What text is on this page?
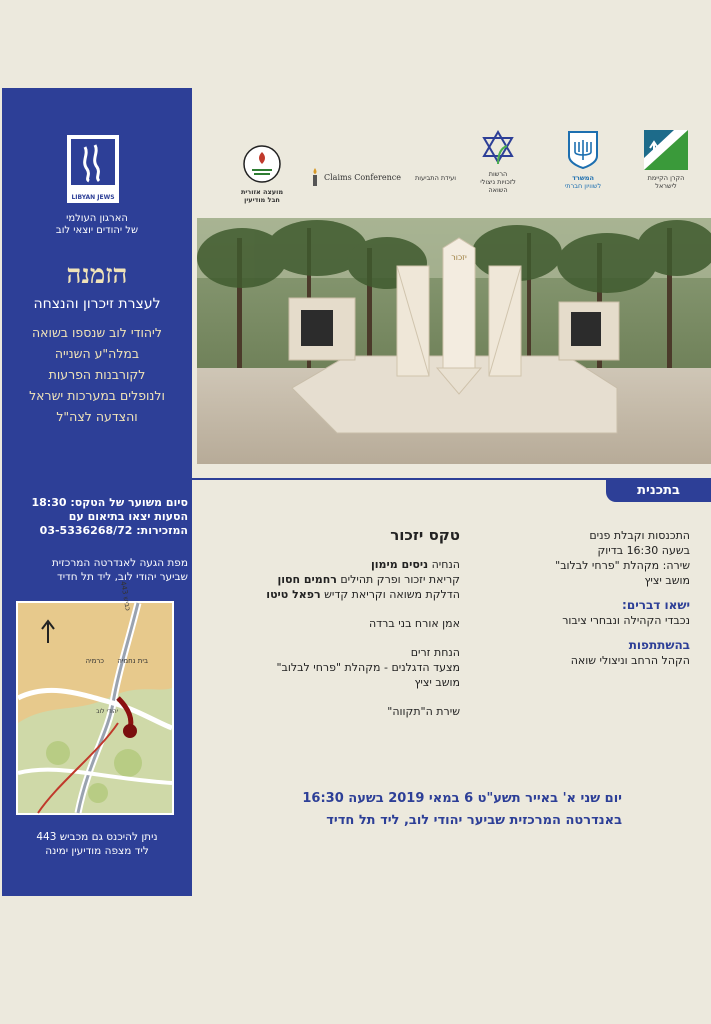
LIBYAN JEWS
הארגון העולמי
של יהודים יוצאי לוב
הזמנה
לעצרת זיכרון והנצחה
ליהודי לוב שנספו בשואה
במלה"ע השנייה
לקורבנות הפרעות
ולנופלים במערכות ישראל
והצדעה לצה"ל
סיום משוער של הטקס: 18:30
הסעות יצאו בתיאום עם
המזכירות: 03-5336268/72
מפת הגעה לאנדרטה המרכזית
שביער יהודי לוב, ליד תל חדיד
כביש 443
כרמיה בית נחמיה
יהודי לוב
ניתן להיכנס גם מכביש 443
ליד מצפה מודיעין ימינה
הקרן הקיימת
לישראל
המשרד
לשוויון חברתי
הרשות
לזכויות ניצולי השואה
Claims Conference ועידת התביעות
מועצה אזורית
חבל מודיעין
יזכור
בתכנית
התכנסות וקבלת פנים
בשעה 16:30 בדיוק
שירה: מקהלת "פרחי לבלוב"
מושב יציץ
ישאו דברים:
נכבדי הקהילה ונבחרי ציבור
בהשתתפות
הקהל הרחב וניצולי שואה
טקס יזכור
הנחיה ניסים מימון
קריאת יזכור ופרק תהילים רחמים חסון
הדלקת משואה וקריאת קדיש רפאל טיטו
אמן אורח בני ברדה
הנחת זרים
מצעד הדגלנים - מקהלת "פרחי לבלוב"
מושב יציץ
שירת ה"תקווה"
יום שני א' באייר תשע"ט 6 במאי 2019 בשעה 16:30
באנדרטה המרכזית שביער יהודי לוב, ליד תל חדיד
